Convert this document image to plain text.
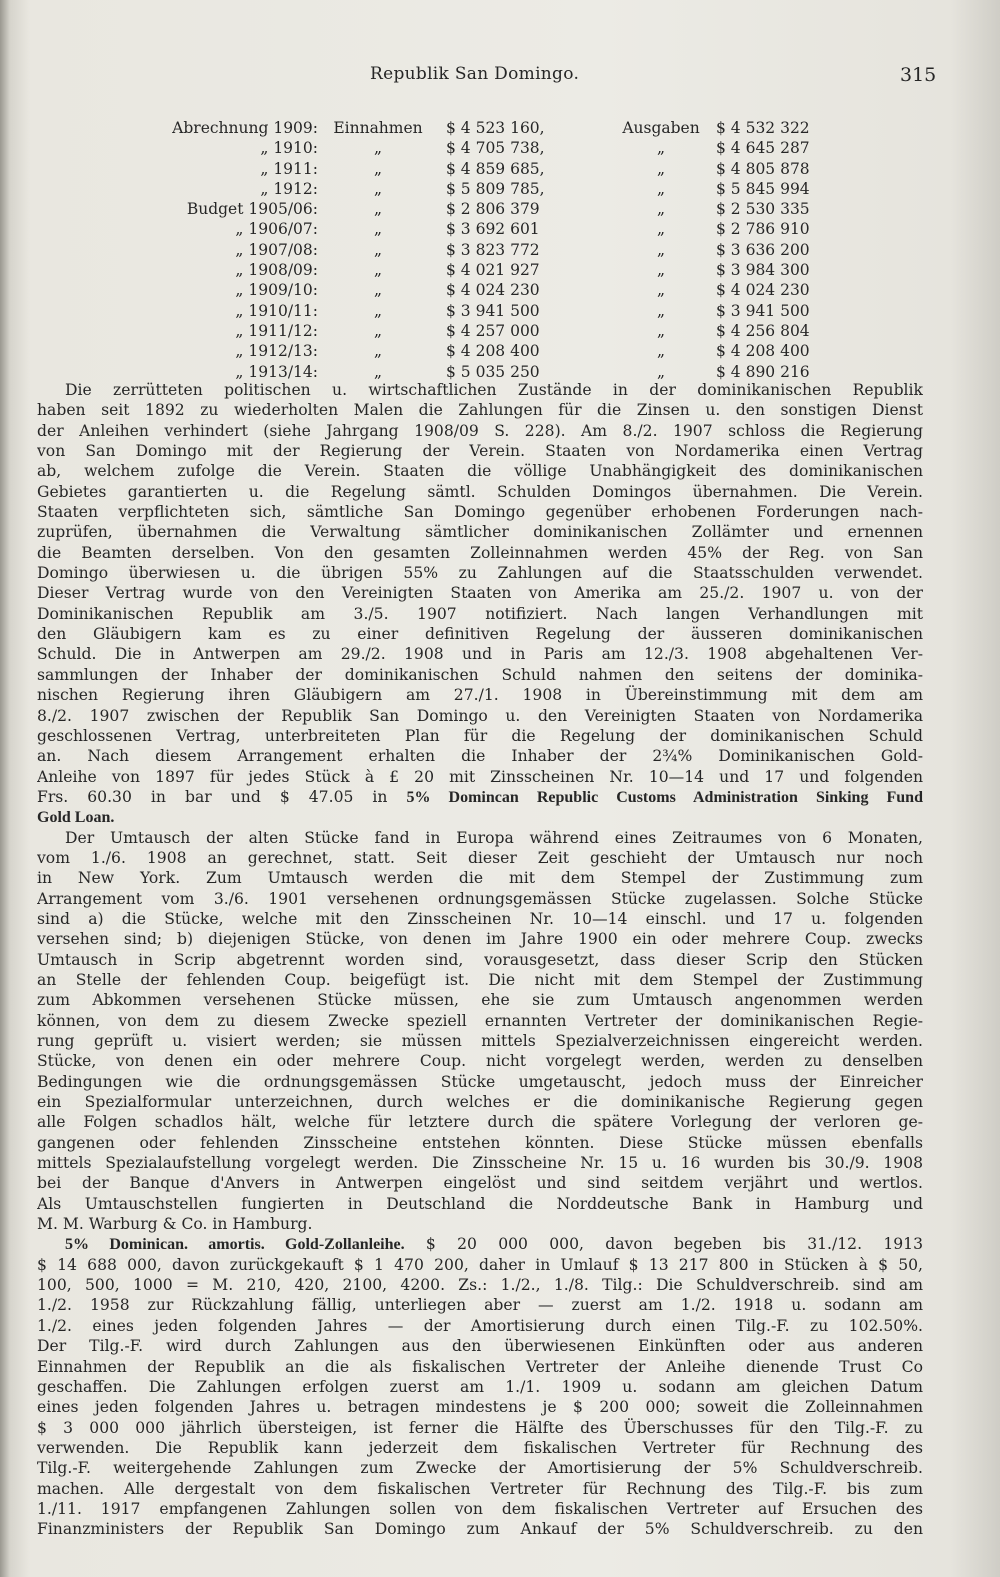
Republik San Domingo.	315
Abrechnung 1909:	Einnahmen	$ 4 523 160,	Ausgaben	$ 4 532 322
„ 1910:	„	$ 4 705 738,	„	$ 4 645 287
„ 1911:	„	$ 4 859 685,	„	$ 4 805 878
„ 1912:	„	$ 5 809 785,	„	$ 5 845 994
Budget 1905/06:	„	$ 2 806 379	„	$ 2 530 335
„ 1906/07:	„	$ 3 692 601	„	$ 2 786 910
„ 1907/08:	„	$ 3 823 772	„	$ 3 636 200
„ 1908/09:	„	$ 4 021 927	„	$ 3 984 300
„ 1909/10:	„	$ 4 024 230	„	$ 4 024 230
„ 1910/11:	„	$ 3 941 500	„	$ 3 941 500
„ 1911/12:	„	$ 4 257 000	„	$ 4 256 804
„ 1912/13:	„	$ 4 208 400	„	$ 4 208 400
„ 1913/14:	„	$ 5 035 250	„	$ 4 890 216
Die zerrütteten politischen u. wirtschaftlichen Zustände in der dominikanischen Republik
haben seit 1892 zu wiederholten Malen die Zahlungen für die Zinsen u. den sonstigen Dienst
der Anleihen verhindert (siehe Jahrgang 1908/09 S. 228). Am 8./2. 1907 schloss die Regierung
von San Domingo mit der Regierung der Verein. Staaten von Nordamerika einen Vertrag
ab, welchem zufolge die Verein. Staaten die völlige Unabhängigkeit des dominikanischen
Gebietes garantierten u. die Regelung sämtl. Schulden Domingos übernahmen. Die Verein.
Staaten verpflichteten sich, sämtliche San Domingo gegenüber erhobenen Forderungen nach-
zuprüfen, übernahmen die Verwaltung sämtlicher dominikanischen Zollämter und ernennen
die Beamten derselben. Von den gesamten Zolleinnahmen werden 45% der Reg. von San
Domingo überwiesen u. die übrigen 55% zu Zahlungen auf die Staatsschulden verwendet.
Dieser Vertrag wurde von den Vereinigten Staaten von Amerika am 25./2. 1907 u. von der
Dominikanischen Republik am 3./5. 1907 notifiziert. Nach langen Verhandlungen mit
den Gläubigern kam es zu einer definitiven Regelung der äusseren dominikanischen
Schuld. Die in Antwerpen am 29./2. 1908 und in Paris am 12./3. 1908 abgehaltenen Ver-
sammlungen der Inhaber der dominikanischen Schuld nahmen den seitens der dominika-
nischen Regierung ihren Gläubigern am 27./1. 1908 in Übereinstimmung mit dem am
8./2. 1907 zwischen der Republik San Domingo u. den Vereinigten Staaten von Nordamerika
geschlossenen Vertrag, unterbreiteten Plan für die Regelung der dominikanischen Schuld
an. Nach diesem Arrangement erhalten die Inhaber der 2¾% Dominikanischen Gold-
Anleihe von 1897 für jedes Stück à £ 20 mit Zinsscheinen Nr. 10—14 und 17 und folgenden
Frs. 60.30 in bar und $ 47.05 in 5% Domincan Republic Customs Administration Sinking Fund
Gold Loan.
Der Umtausch der alten Stücke fand in Europa während eines Zeitraumes von 6 Monaten,
vom 1./6. 1908 an gerechnet, statt. Seit dieser Zeit geschieht der Umtausch nur noch
in New York. Zum Umtausch werden die mit dem Stempel der Zustimmung zum
Arrangement vom 3./6. 1901 versehenen ordnungsgemässen Stücke zugelassen. Solche Stücke
sind a) die Stücke, welche mit den Zinsscheinen Nr. 10—14 einschl. und 17 u. folgenden
versehen sind; b) diejenigen Stücke, von denen im Jahre 1900 ein oder mehrere Coup. zwecks
Umtausch in Scrip abgetrennt worden sind, vorausgesetzt, dass dieser Scrip den Stücken
an Stelle der fehlenden Coup. beigefügt ist. Die nicht mit dem Stempel der Zustimmung
zum Abkommen versehenen Stücke müssen, ehe sie zum Umtausch angenommen werden
können, von dem zu diesem Zwecke speziell ernannten Vertreter der dominikanischen Regie-
rung geprüft u. visiert werden; sie müssen mittels Spezialverzeichnissen eingereicht werden.
Stücke, von denen ein oder mehrere Coup. nicht vorgelegt werden, werden zu denselben
Bedingungen wie die ordnungsgemässen Stücke umgetauscht, jedoch muss der Einreicher
ein Spezialformular unterzeichnen, durch welches er die dominikanische Regierung gegen
alle Folgen schadlos hält, welche für letztere durch die spätere Vorlegung der verloren ge-
gangenen oder fehlenden Zinsscheine entstehen könnten. Diese Stücke müssen ebenfalls
mittels Spezialaufstellung vorgelegt werden. Die Zinsscheine Nr. 15 u. 16 wurden bis 30./9. 1908
bei der Banque d'Anvers in Antwerpen eingelöst und sind seitdem verjährt und wertlos.
Als Umtauschstellen fungierten in Deutschland die Norddeutsche Bank in Hamburg und
M. M. Warburg & Co. in Hamburg.
5% Dominican. amortis. Gold-Zollanleihe. $ 20 000 000, davon begeben bis 31./12. 1913
$ 14 688 000, davon zurückgekauft $ 1 470 200, daher in Umlauf $ 13 217 800 in Stücken à $ 50,
100, 500, 1000 = M. 210, 420, 2100, 4200. Zs.: 1./2., 1./8. Tilg.: Die Schuldverschreib. sind am
1./2. 1958 zur Rückzahlung fällig, unterliegen aber — zuerst am 1./2. 1918 u. sodann am
1./2. eines jeden folgenden Jahres — der Amortisierung durch einen Tilg.-F. zu 102.50%.
Der Tilg.-F. wird durch Zahlungen aus den überwiesenen Einkünften oder aus anderen
Einnahmen der Republik an die als fiskalischen Vertreter der Anleihe dienende Trust Co
geschaffen. Die Zahlungen erfolgen zuerst am 1./1. 1909 u. sodann am gleichen Datum
eines jeden folgenden Jahres u. betragen mindestens je $ 200 000; soweit die Zolleinnahmen
$ 3 000 000 jährlich übersteigen, ist ferner die Hälfte des Überschusses für den Tilg.-F. zu
verwenden. Die Republik kann jederzeit dem fiskalischen Vertreter für Rechnung des
Tilg.-F. weitergehende Zahlungen zum Zwecke der Amortisierung der 5% Schuldverschreib.
machen. Alle dergestalt von dem fiskalischen Vertreter für Rechnung des Tilg.-F. bis zum
1./11. 1917 empfangenen Zahlungen sollen von dem fiskalischen Vertreter auf Ersuchen des
Finanzministers der Republik San Domingo zum Ankauf der 5% Schuldverschreib. zu den
